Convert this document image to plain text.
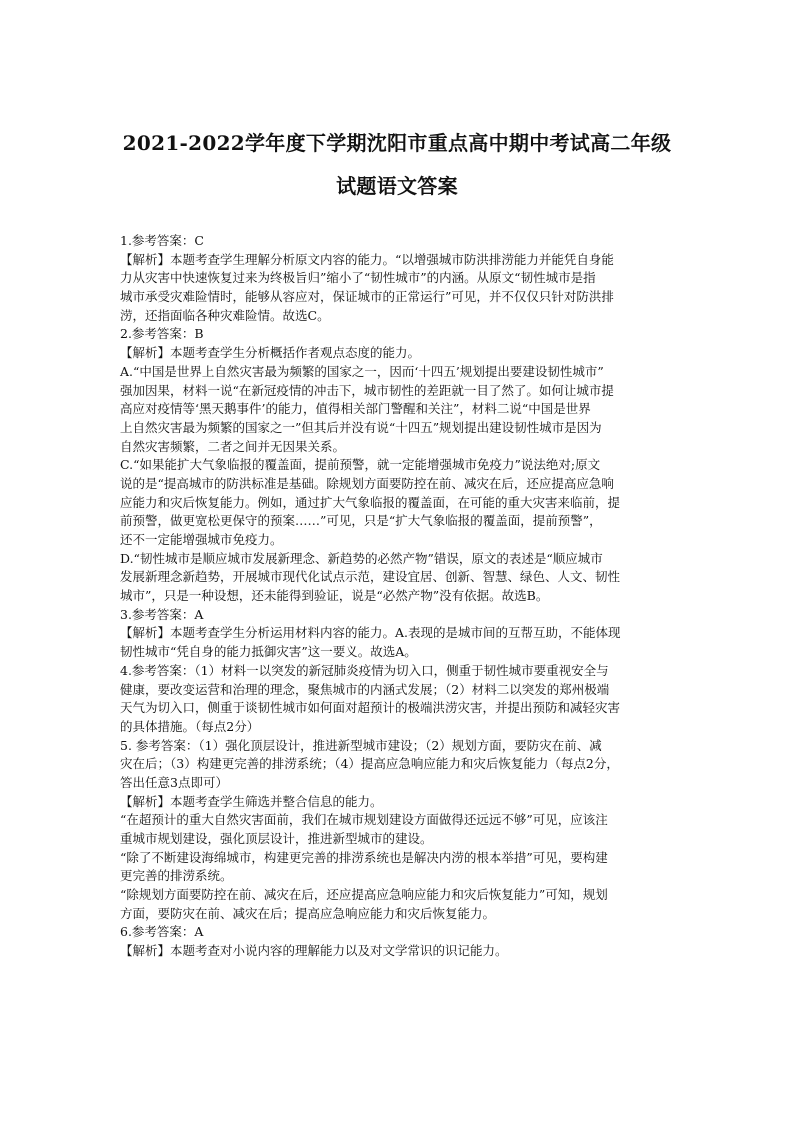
2021-2022学年度下学期沈阳市重点高中期中考试高二年级
试题语文答案
1.参考答案：C
【解析】本题考查学生理解分析原文内容的能力。“以增强城市防洪排涝能力并能凭自身能
力从灾害中快速恢复过来为终极旨归”缩小了“韧性城市”的内涵。从原文“韧性城市是指
城市承受灾难险情时，能够从容应对，保证城市的正常运行”可见，并不仅仅只针对防洪排
涝，还指面临各种灾难险情。故选C。
2.参考答案：B
【解析】本题考查学生分析概括作者观点态度的能力。
A.“中国是世界上自然灾害最为频繁的国家之一，因而‘十四五’规划提出要建设韧性城市”
强加因果，材料一说“在新冠疫情的冲击下，城市韧性的差距就一目了然了。如何让城市提
高应对疫情等‘黑天鹅事件’的能力，值得相关部门警醒和关注”，材料二说“中国是世界
上自然灾害最为频繁的国家之一”但其后并没有说“十四五”规划提出建设韧性城市是因为
自然灾害频繁，二者之间并无因果关系。
C.“如果能扩大气象临报的覆盖面，提前预警，就一定能增强城市免疫力”说法绝对;原文
说的是“提高城市的防洪标准是基础。除规划方面要防控在前、减灾在后，还应提高应急响
应能力和灾后恢复能力。例如，通过扩大气象临报的覆盖面，在可能的重大灾害来临前，提
前预警，做更宽松更保守的预案……”可见，只是“扩大气象临报的覆盖面，提前预警”，
还不一定能增强城市免疫力。
D.“韧性城市是顺应城市发展新理念、新趋势的必然产物”错误，原文的表述是“顺应城市
发展新理念新趋势，开展城市现代化试点示范，建设宜居、创新、智慧、绿色、人文、韧性
城市”，只是一种设想，还未能得到验证，说是“必然产物”没有依据。故选B。
3.参考答案：A
【解析】本题考查学生分析运用材料内容的能力。A.表现的是城市间的互帮互助，不能体现
韧性城市“凭自身的能力抵御灾害”这一要义。故选A。
4.参考答案：（1）材料一以突发的新冠肺炎疫情为切入口，侧重于韧性城市要重视安全与
健康，要改变运营和治理的理念，聚焦城市的内涵式发展；（2）材料二以突发的郑州极端
天气为切入口，侧重于谈韧性城市如何面对超预计的极端洪涝灾害，并提出预防和减轻灾害
的具体措施。（每点2分）
5. 参考答案：（1）强化顶层设计，推进新型城市建设；（2）规划方面，要防灾在前、减
灾在后；（3）构建更完善的排涝系统；（4）提高应急响应能力和灾后恢复能力（每点2分，
答出任意3点即可）
【解析】本题考查学生筛选并整合信息的能力。
“在超预计的重大自然灾害面前，我们在城市规划建设方面做得还远远不够”可见，应该注
重城市规划建设，强化顶层设计，推进新型城市的建设。
“除了不断建设海绵城市，构建更完善的排涝系统也是解决内涝的根本举措”可见，要构建
更完善的排涝系统。
“除规划方面要防控在前、减灾在后，还应提高应急响应能力和灾后恢复能力”可知，规划
方面，要防灾在前、减灾在后；提高应急响应能力和灾后恢复能力。
6.参考答案：A
【解析】本题考查对小说内容的理解能力以及对文学常识的识记能力。
